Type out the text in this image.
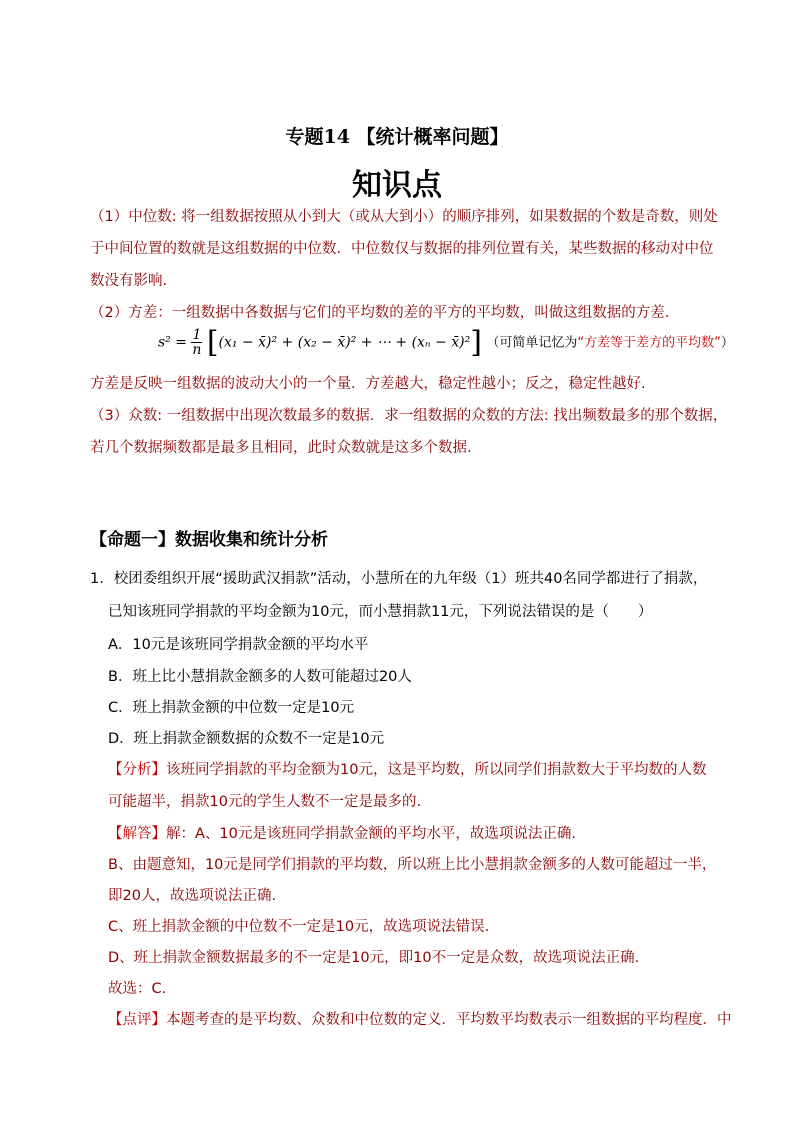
专题14 【统计概率问题】
知识点
（1）中位数: 将一组数据按照从小到大（或从大到小）的顺序排列，如果数据的个数是奇数，则处
于中间位置的数就是这组数据的中位数．中位数仅与数据的排列位置有关，某些数据的移动对中位
数没有影响.
（2）方差：一组数据中各数据与它们的平均数的差的平方的平均数，叫做这组数据的方差.
$s^2 = \frac{1}{n} [(x_1$ − x̄)² + (x₂ − x̄)² + ⋯ + (xₙ − x̄)²] （可简单记忆为“方差等于差方的平均数”）
方差是反映一组数据的波动大小的一个量．方差越大，稳定性越小；反之，稳定性越好.
（3）众数: 一组数据中出现次数最多的数据．求一组数据的众数的方法: 找出频数最多的那个数据，
若几个数据频数都是最多且相同，此时众数就是这多个数据.
【命题一】数据收集和统计分析
1．校团委组织开展“援助武汉捐款”活动，小慧所在的九年级（1）班共40名同学都进行了捐款，
已知该班同学捐款的平均金额为10元，而小慧捐款11元，下列说法错误的是（　　）
A．10元是该班同学捐款金额的平均水平
B．班上比小慧捐款金额多的人数可能超过20人
C．班上捐款金额的中位数一定是10元
D．班上捐款金额数据的众数不一定是10元
【分析】该班同学捐款的平均金额为10元，这是平均数，所以同学们捐款数大于平均数的人数
可能超半，捐款10元的学生人数不一定是最多的.
【解答】解：A、10元是该班同学捐款金额的平均水平，故选项说法正确.
B、由题意知，10元是同学们捐款的平均数，所以班上比小慧捐款金额多的人数可能超过一半，
即20人，故选项说法正确.
C、班上捐款金额的中位数不一定是10元，故选项说法错误.
D、班上捐款金额数据最多的不一定是10元，即10不一定是众数，故选项说法正确.
故选：C.
【点评】本题考查的是平均数、众数和中位数的定义．平均数平均数表示一组数据的平均程度．中
